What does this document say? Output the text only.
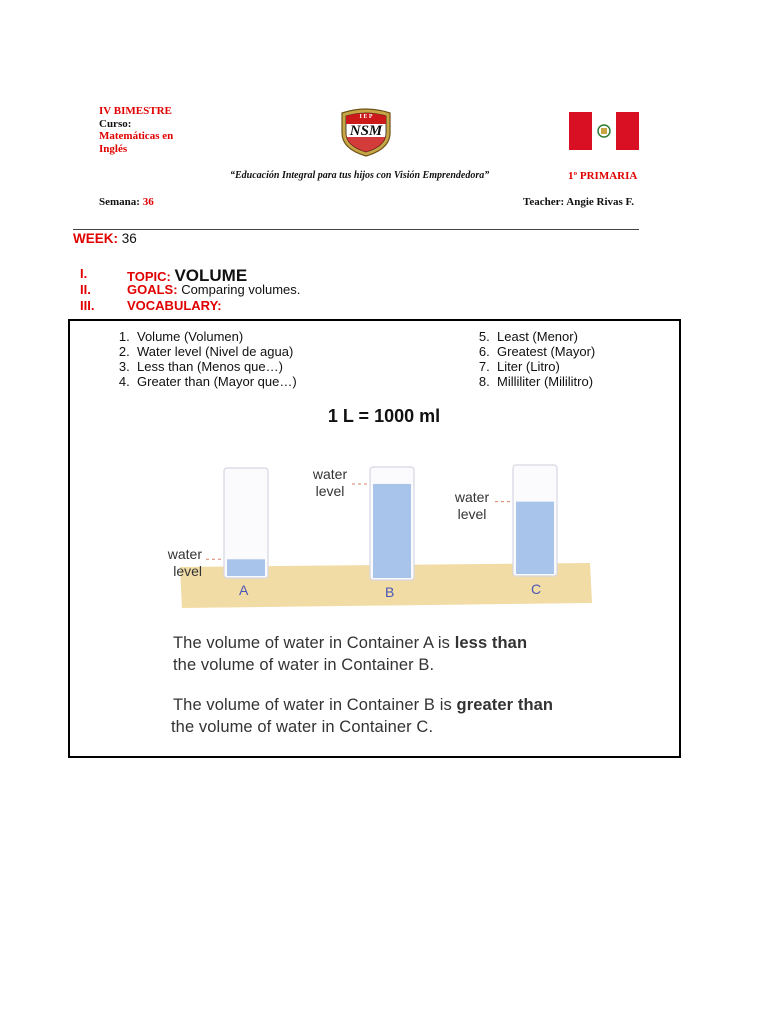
IV BIMESTRE
Curso:
Matemáticas en
Inglés
I E P
NSM
“Educación Integral para tus hijos con Visión Emprendedora”	1º PRIMARIA
Semana: 36	Teacher: Angie Rivas F.
WEEK: 36
I.	TOPIC: VOLUME
II.	GOALS: Comparing volumes.
III.	VOCABULARY:
1.  Volume (Volumen)
2.  Water level (Nivel de agua)
3.  Less than (Menos que…)
4.  Greater than (Mayor que…)
5.  Least (Menor)
6.  Greatest (Mayor)
7.  Liter (Litro)
8.  Milliliter (Mililitro)
1 L = 1000 ml
water
level
water
level	water
level
A	B	C
The volume of water in Container A is less than
the volume of water in Container B.
The volume of water in Container B is greater than
the volume of water in Container C.
